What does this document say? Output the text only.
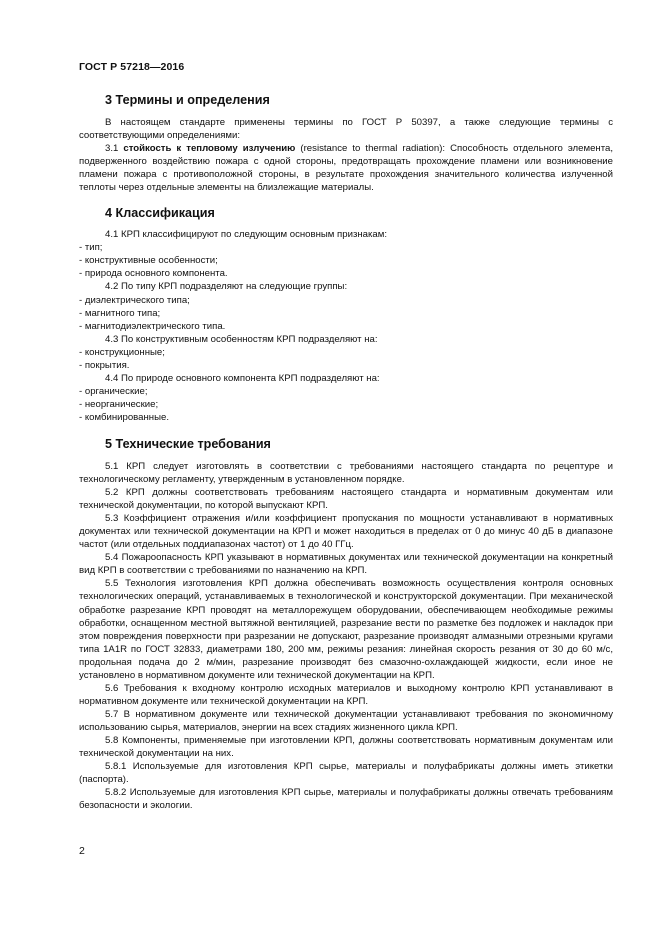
ГОСТ Р 57218—2016
3 Термины и определения

В настоящем стандарте применены термины по ГОСТ Р 50397, а также следующие термины с соответствующими определениями:

3.1 стойкость к тепловому излучению (resistance to thermal radiation): Способность отдельного элемента, подверженного воздействию пожара с одной стороны, предотвращать прохождение пламени или возникновение пламени пожара с противоположной стороны, в результате прохождения значительного количества излученной теплоты через отдельные элементы на близлежащие материалы.

4 Классификация

4.1 КРП классифицируют по следующим основным признакам:

- тип;

- конструктивные особенности;

- природа основного компонента.

4.2 По типу КРП подразделяют на следующие группы:

- диэлектрического типа;

- магнитного типа;

- магнитодиэлектрического типа.

4.3 По конструктивным особенностям КРП подразделяют на:

- конструкционные;

- покрытия.

4.4 По природе основного компонента КРП подразделяют на:

- органические;

- неорганические;

- комбинированные.

5 Технические требования

5.1 КРП следует изготовлять в соответствии с требованиями настоящего стандарта по рецептуре и технологическому регламенту, утвержденным в установленном порядке.

5.2 КРП должны соответствовать требованиям настоящего стандарта и нормативным документам или технической документации, по которой выпускают КРП.

5.3 Коэффициент отражения и/или коэффициент пропускания по мощности устанавливают в нормативных документах или технической документации на КРП и может находиться в пределах от 0 до минус 40 дБ в диапазоне частот (или отдельных поддиапазонах частот) от 1 до 40 ГГц.

5.4 Пожароопасность КРП указывают в нормативных документах или технической документации на конкретный вид КРП в соответствии с требованиями по назначению на КРП.

5.5 Технология изготовления КРП должна обеспечивать возможность осуществления контроля основных технологических операций, устанавливаемых в технологической и конструкторской документации. При механической обработке разрезание КРП проводят на металлорежущем оборудовании, обеспечивающем необходимые режимы обработки, оснащенном местной вытяжной вентиляцией, разрезание вести по разметке без подложек и накладок при этом повреждения поверхности при разрезании не допускают, разрезание производят алмазными отрезными кругами типа 1A1R по ГОСТ 32833, диаметрами 180, 200 мм, режимы резания: линейная скорость резания от 30 до 60 м/с, продольная подача до 2 м/мин, разрезание производят без смазочно-охлаждающей жидкости, если иное не установлено в нормативном документе или технической документации на КРП.

5.6 Требования к входному контролю исходных материалов и выходному контролю КРП устанавливают в нормативном документе или технической документации на КРП.

5.7 В нормативном документе или технической документации устанавливают требования по экономичному использованию сырья, материалов, энергии на всех стадиях жизненного цикла КРП.

5.8 Компоненты, применяемые при изготовлении КРП, должны соответствовать нормативным документам или технической документации на них.

5.8.1 Используемые для изготовления КРП сырье, материалы и полуфабрикаты должны иметь этикетки (паспорта).

5.8.2 Используемые для изготовления КРП сырье, материалы и полуфабрикаты должны отвечать требованиям безопасности и экологии.

2
